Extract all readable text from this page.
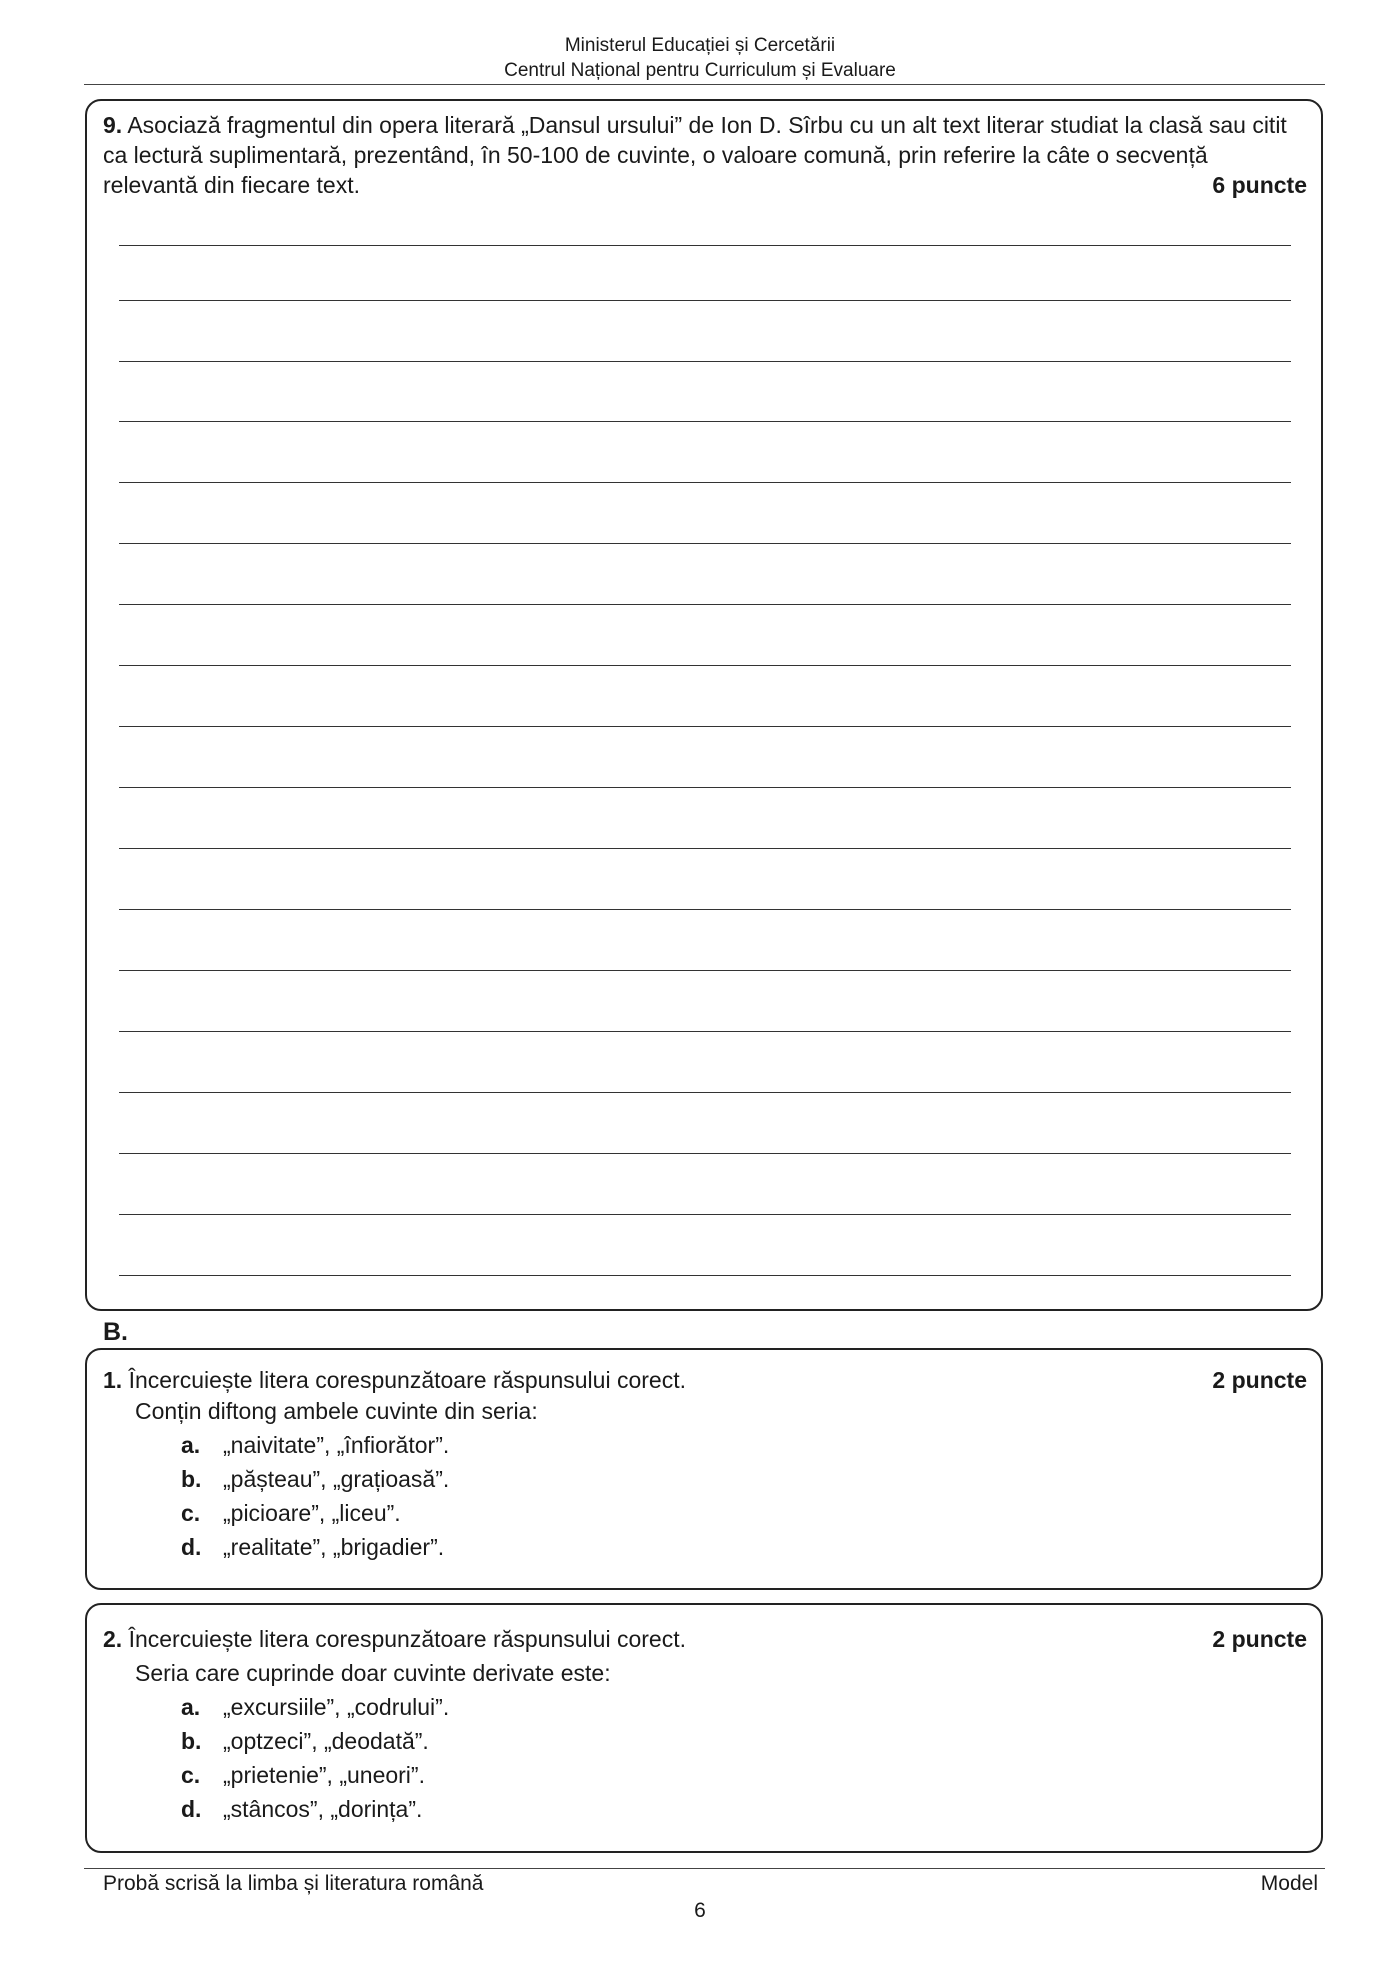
Ministerul Educației și Cercetării
Centrul Național pentru Curriculum și Evaluare
9. Asociază fragmentul din opera literară „Dansul ursului” de Ion D. Sîrbu cu un alt text literar studiat la clasă sau citit ca lectură suplimentară, prezentând, în 50-100 de cuvinte, o valoare comună, prin referire la câte o secvență relevantă din fiecare text.	6 puncte
B.
1. Încercuiește litera corespunzătoare răspunsului corect.	2 puncte
Conțin diftong ambele cuvinte din seria:
a. „naivitate”, „înfiorător”.
b. „pășteau”, „grațioasă”.
c. „picioare”, „liceu”.
d. „realitate”, „brigadier”.
2. Încercuiește litera corespunzătoare răspunsului corect.	2 puncte
Seria care cuprinde doar cuvinte derivate este:
a. „excursiile”, „codrului”.
b. „optzeci”, „deodată”.
c. „prietenie”, „uneori”.
d. „stâncos”, „dorința”.
Probă scrisă la limba și literatura română	Model
6
